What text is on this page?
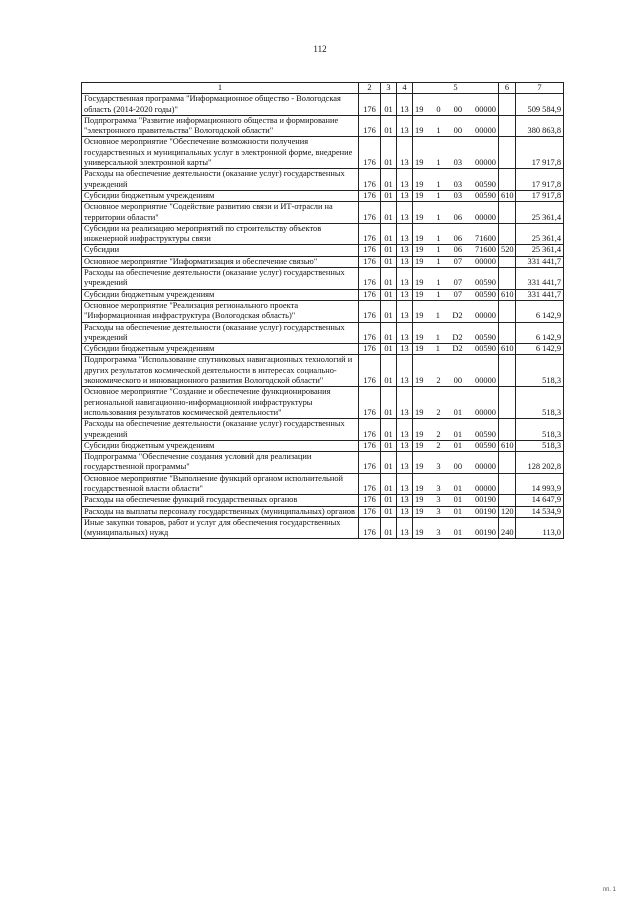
112
1	2	3	4	5	6	7
Государственная программа "Информационное общество - Вологодская область (2014-2020 годы)"	176	01	13	19 0 00 00000		509 584,9
Подпрограмма "Развитие информационного общества и формирование "электронного правительства" Вологодской области"	176	01	13	19 1 00 00000		380 863,8
Основное мероприятие "Обеспечение возможности получения государственных и муниципальных услуг в электронной форме, внедрение универсальной электронной карты"	176	01	13	19 1 03 00000		17 917,8
Расходы на обеспечение деятельности (оказание услуг) государственных учреждений	176	01	13	19 1 03 00590		17 917,8
Субсидии бюджетным учреждениям	176	01	13	19 1 03 00590	610	17 917,8
Основное мероприятие "Содействие развитию связи и ИТ-отрасли на территории области"	176	01	13	19 1 06 00000		25 361,4
Субсидии на реализацию мероприятий по строительству объектов инженерной инфраструктуры связи	176	01	13	19 1 06 71600		25 361,4
Субсидии	176	01	13	19 1 06 71600	520	25 361,4
Основное мероприятие "Информатизация и обеспечение связью"	176	01	13	19 1 07 00000		331 441,7
Расходы на обеспечение деятельности (оказание услуг) государственных учреждений	176	01	13	19 1 07 00590		331 441,7
Субсидии бюджетным учреждениям	176	01	13	19 1 07 00590	610	331 441,7
Основное мероприятие "Реализация регионального проекта "Информационная инфраструктура (Вологодская область)"	176	01	13	19 1 D2 00000		6 142,9
Расходы на обеспечение деятельности (оказание услуг) государственных учреждений	176	01	13	19 1 D2 00590		6 142,9
Субсидии бюджетным учреждениям	176	01	13	19 1 D2 00590	610	6 142,9
Подпрограмма "Использование спутниковых навигационных технологий и других результатов космической деятельности в интересах социально-экономического и инновационного развития Вологодской области"	176	01	13	19 2 00 00000		518,3
Основное мероприятие "Создание и обеспечение функционирования региональной навигационно-информационной инфраструктуры использования результатов космической деятельности"	176	01	13	19 2 01 00000		518,3
Расходы на обеспечение деятельности (оказание услуг) государственных учреждений	176	01	13	19 2 01 00590		518,3
Субсидии бюджетным учреждениям	176	01	13	19 2 01 00590	610	518,3
Подпрограмма "Обеспечение создания условий для реализации государственной программы"	176	01	13	19 3 00 00000		128 202,8
Основное мероприятие "Выполнение функций органом исполнительной государственной власти области"	176	01	13	19 3 01 00000		14 993,9
Расходы на обеспечение функций государственных органов	176	01	13	19 3 01 00190		14 647,9
Расходы на выплаты персоналу государственных (муниципальных) органов	176	01	13	19 3 01 00190	120	14 534,9
Иные закупки товаров, работ и услуг для обеспечения государственных (муниципальных) нужд	176	01	13	19 3 01 00190	240	113,0
пп. 1
